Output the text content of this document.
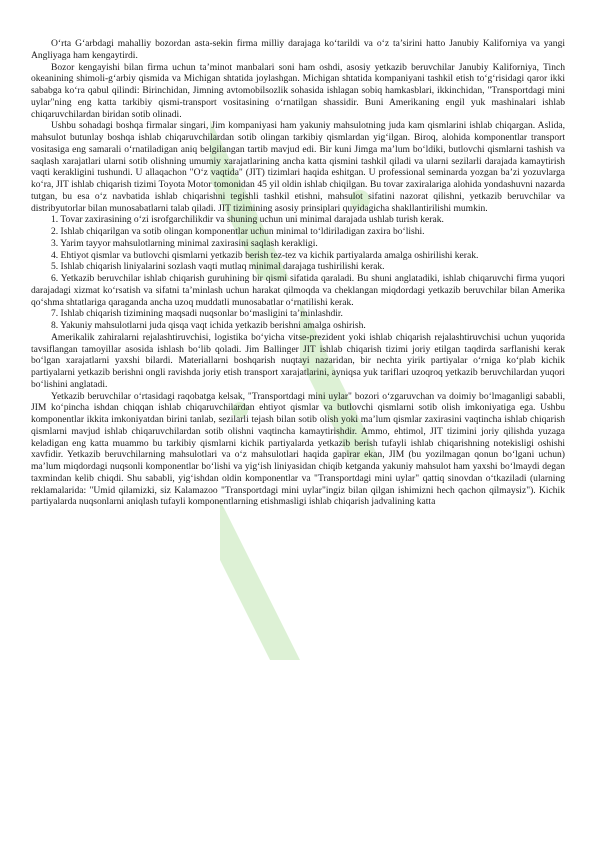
O‘rta G‘arbdagi mahalliy bozordan asta-sekin firma milliy darajaga ko‘tarildi va o‘z ta’sirini hatto Janubiy Kaliforniya va yangi Angliyaga ham kengaytirdi.

Bozor kengayishi bilan firma uchun ta’minot manbalari soni ham oshdi, asosiy yetkazib beruvchilar Janubiy Kaliforniya, Tinch okeanining shimoli-g‘arbiy qismida va Michigan shtatida joylashgan. Michigan shtatida kompaniyani tashkil etish to‘g‘risidagi qaror ikki sababga ko‘ra qabul qilindi: Birinchidan, Jimning avtomobilsozlik sohasida ishlagan sobiq hamkasblari, ikkinchidan, "Transportdagi mini uylar"ning eng katta tarkibiy qismi-transport vositasining o‘rnatilgan shassidir. Buni Amerikaning engil yuk mashinalari ishlab chiqaruvchilardan biridan sotib olinadi.

Ushbu sohadagi boshqa firmalar singari, Jim kompaniyasi ham yakuniy mahsulotning juda kam qismlarini ishlab chiqargan. Aslida, mahsulot butunlay boshqa ishlab chiqaruvchilardan sotib olingan tarkibiy qismlardan yig‘ilgan. Biroq, alohida komponentlar transport vositasiga eng samarali o‘rnatiladigan aniq belgilangan tartib mavjud edi. Bir kuni Jimga ma’lum bo‘ldiki, butlovchi qismlarni tashish va saqlash xarajatlari ularni sotib olishning umumiy xarajatlarining ancha katta qismini tashkil qiladi va ularni sezilarli darajada kamaytirish vaqti kerakligini tushundi. U allaqachon "O‘z vaqtida" (JIT) tizimlari haqida eshitgan. U professional seminarda yozgan ba’zi yozuvlarga ko‘ra, JIT ishlab chiqarish tizimi Toyota Motor tomonidan 45 yil oldin ishlab chiqilgan. Bu tovar zaxiralariga alohida yondashuvni nazarda tutgan, bu esa o‘z navbatida ishlab chiqarishni tegishli tashkil etishni, mahsulot sifatini nazorat qilishni, yetkazib beruvchilar va distribyutorlar bilan munosabatlarni talab qiladi. JIT tizimining asosiy prinsiplari quyidagicha shakllantirilishi mumkin.

1. Tovar zaxirasining o‘zi isrofgarchilikdir va shuning uchun uni minimal darajada ushlab turish kerak.

2. Ishlab chiqarilgan va sotib olingan komponentlar uchun minimal to‘ldiriladigan zaxira bo‘lishi.

3. Yarim tayyor mahsulotlarning minimal zaxirasini saqlash kerakligi.

4. Ehtiyot qismlar va butlovchi qismlarni yetkazib berish tez-tez va kichik partiyalarda amalga oshirilishi kerak.

5. Ishlab chiqarish liniyalarini sozlash vaqti mutlaq minimal darajaga tushirilishi kerak.

6. Yetkazib beruvchilar ishlab chiqarish guruhining bir qismi sifatida qaraladi. Bu shuni anglatadiki, ishlab chiqaruvchi firma yuqori darajadagi xizmat ko‘rsatish va sifatni ta’minlash uchun harakat qilmoqda va cheklangan miqdordagi yetkazib beruvchilar bilan Amerika qo‘shma shtatlariga qaraganda ancha uzoq muddatli munosabatlar o‘rnatilishi kerak.

7. Ishlab chiqarish tizimining maqsadi nuqsonlar bo‘masligini ta’minlashdir.

8. Yakuniy mahsulotlarni juda qisqa vaqt ichida yetkazib berishni amalga oshirish.

Amerikalik zahiralarni rejalashtiruvchisi, logistika bo‘yicha vitse-prezident yoki ishlab chiqarish rejalashtiruvchisi uchun yuqorida tavsiflangan tamoyillar asosida ishlash bo‘lib qoladi. Jim Ballinger JIT ishlab chiqarish tizimi joriy etilgan taqdirda sarflanishi kerak bo‘lgan xarajatlarni yaxshi bilardi. Materiallarni boshqarish nuqtayi nazaridan, bir nechta yirik partiyalar o‘rniga ko‘plab kichik partiyalarni yetkazib berishni ongli ravishda joriy etish transport xarajatlarini, ayniqsa yuk tariflari uzoqroq yetkazib beruvchilardan yuqori bo‘lishini anglatadi.

Yetkazib beruvchilar o‘rtasidagi raqobatga kelsak, "Transportdagi mini uylar" bozori o‘zgaruvchan va doimiy bo‘lmaganligi sababli, JIM ko‘pincha ishdan chiqqan ishlab chiqaruvchilardan ehtiyot qismlar va butlovchi qismlarni sotib olish imkoniyatiga ega. Ushbu komponentlar ikkita imkoniyatdan birini tanlab, sezilarli tejash bilan sotib olish yoki ma’lum qismlar zaxirasini vaqtincha ishlab chiqarish qismlarni mavjud ishlab chiqaruvchilardan sotib olishni vaqtincha kamaytirishdir. Ammo, ehtimol, JIT tizimini joriy qilishda yuzaga keladigan eng katta muammo bu tarkibiy qismlarni kichik partiyalarda yetkazib berish tufayli ishlab chiqarishning notekisligi oshishi xavfidir. Yetkazib beruvchilarning mahsulotlari va o‘z mahsulotlari haqida gapirar ekan, JIM (bu yozilmagan qonun bo‘lgani uchun) ma’lum miqdordagi nuqsonli komponentlar bo‘lishi va yig‘ish liniyasidan chiqib ketganda yakuniy mahsulot ham yaxshi bo‘lmaydi degan taxmindan kelib chiqdi. Shu sababli, yig‘ishdan oldin komponentlar va "Transportdagi mini uylar" qattiq sinovdan o‘tkaziladi (ularning reklamalarida: "Umid qilamizki, siz Kalamazoo "Transportdagi mini uylar"ingiz bilan qilgan ishimizni hech qachon qilmaysiz"). Kichik partiyalarda nuqsonlarni aniqlash tufayli komponentlarning etishmasligi ishlab chiqarish jadvalining katta
